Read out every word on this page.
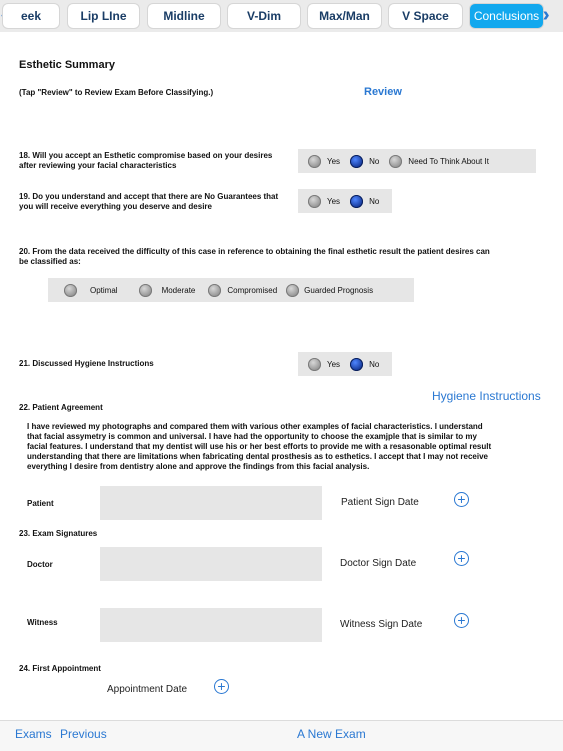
eek	Lip LIne	Midline	V-Dim	Max/Man	V Space	Conclusions
Esthetic Summary
(Tap "Review" to Review Exam Before Classifying.)	Review
18. Will you accept an Esthetic compromise based on your desires after reviewing your facial characteristics	Yes	No	Need To Think About It
19. Do you understand and accept that there are No Guarantees that you will receive everything you deserve and desire
Yes	No
20. From the data received the difficulty of this case in reference to obtaining the final esthetic result the patient desires can be classified as:
Optimal	Moderate	Compromised	Guarded Prognosis
21. Discussed Hygiene Instructions	Yes	No
Hygiene Instructions
22. Patient Agreement
I have reviewed my photographs and compared them with various other examples of facial characteristics. I understand that facial assymetry is common and universal. I have had the opportunity to choose the examjple that is similar to my facial features. I understand that my dentist will use his or her best efforts to provide me with a resasonable optimal result understanding that there are limitations when fabricating dental prosthesis as to esthetics. I accept that I may not receive everything I desire from dentistry alone and approve the findings from this facial analysis.
Patient	Patient Sign Date	+
23. Exam Signatures
Doctor	Doctor Sign Date	+
Witness	Witness Sign Date	+
24. First Appointment
Appointment Date +
Exams Previous	A New Exam
